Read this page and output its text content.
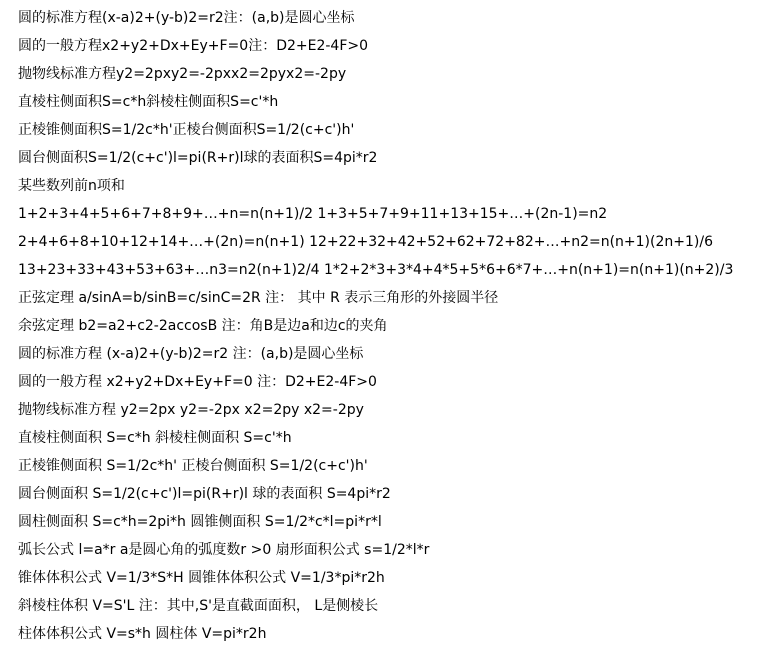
圆的标准方程(x-a)2+(y-b)2=r2注：(a,b)是圆心坐标
圆的一般方程x2+y2+Dx+Ey+F=0注：D2+E2-4F>0
抛物线标准方程y2=2pxy2=-2pxx2=2pyx2=-2py
直棱柱侧面积S=c*h斜棱柱侧面积S=c'*h
正棱锥侧面积S=1/2c*h'正棱台侧面积S=1/2(c+c')h'
圆台侧面积S=1/2(c+c')l=pi(R+r)l球的表面积S=4pi*r2
某些数列前n项和
1+2+3+4+5+6+7+8+9+…+n=n(n+1)/2 1+3+5+7+9+11+13+15+…+(2n-1)=n2
2+4+6+8+10+12+14+…+(2n)=n(n+1) 12+22+32+42+52+62+72+82+…+n2=n(n+1)(2n+1)/6
13+23+33+43+53+63+…n3=n2(n+1)2/4 1*2+2*3+3*4+4*5+5*6+6*7+…+n(n+1)=n(n+1)(n+2)/3
正弦定理 a/sinA=b/sinB=c/sinC=2R 注： 其中 R 表示三角形的外接圆半径
余弦定理 b2=a2+c2-2accosB 注：角B是边a和边c的夹角
圆的标准方程 (x-a)2+(y-b)2=r2 注：(a,b)是圆心坐标
圆的一般方程 x2+y2+Dx+Ey+F=0 注：D2+E2-4F>0
抛物线标准方程 y2=2px y2=-2px x2=2py x2=-2py
直棱柱侧面积 S=c*h 斜棱柱侧面积 S=c'*h
正棱锥侧面积 S=1/2c*h' 正棱台侧面积 S=1/2(c+c')h'
圆台侧面积 S=1/2(c+c')l=pi(R+r)l 球的表面积 S=4pi*r2
圆柱侧面积 S=c*h=2pi*h 圆锥侧面积 S=1/2*c*l=pi*r*l
弧长公式 l=a*r a是圆心角的弧度数r >0 扇形面积公式 s=1/2*l*r
锥体体积公式 V=1/3*S*H 圆锥体体积公式 V=1/3*pi*r2h
斜棱柱体积 V=S'L 注：其中,S'是直截面面积， L是侧棱长
柱体体积公式 V=s*h 圆柱体 V=pi*r2h
